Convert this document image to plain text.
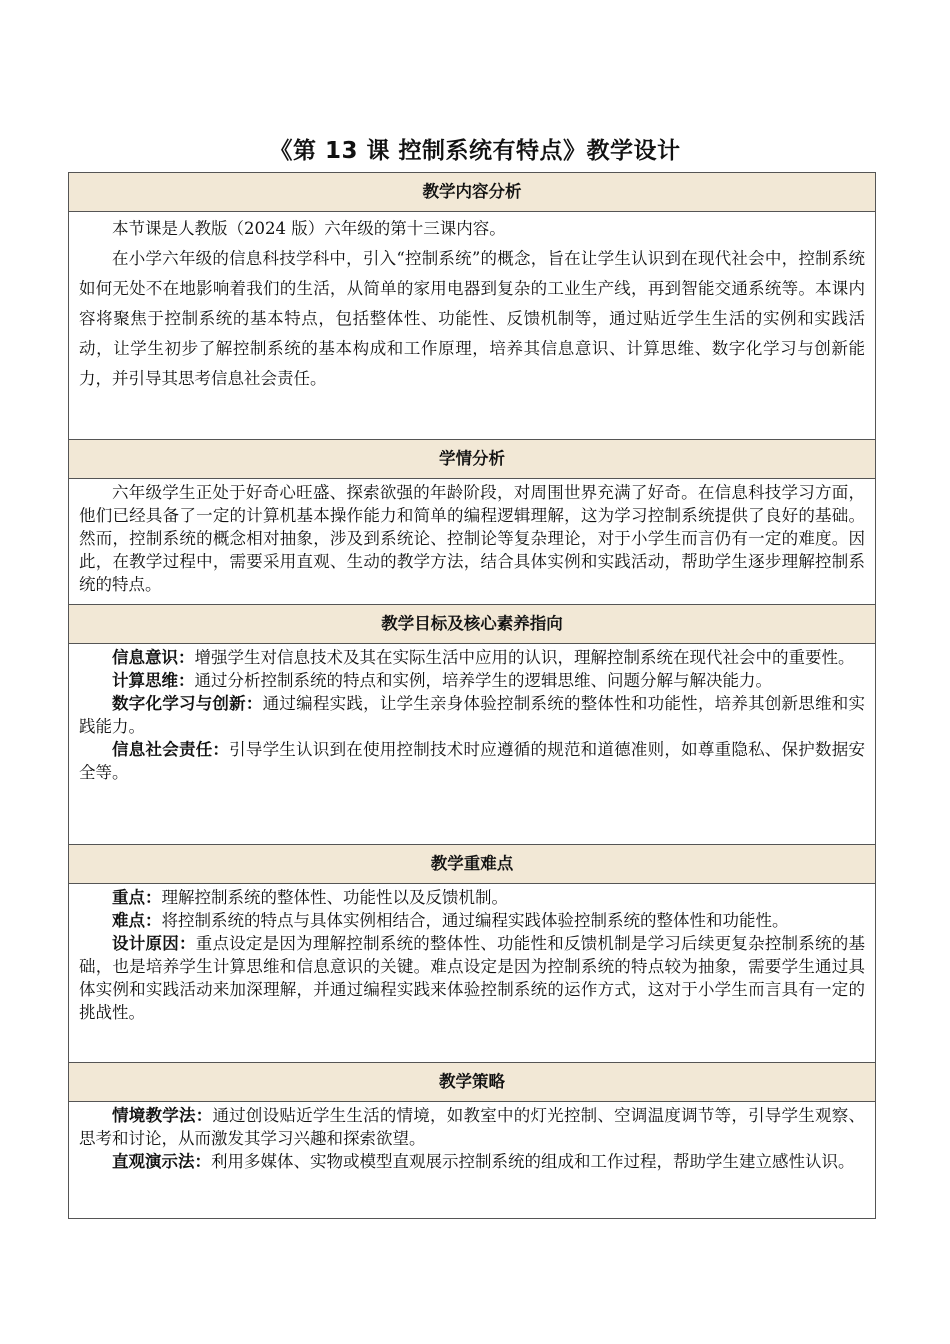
《第 13 课 控制系统有特点》教学设计
教学内容分析

本节课是人教版（2024 版）六年级的第十三课内容。

在小学六年级的信息科技学科中，引入“控制系统”的概念，旨在让学生认识到在现代社会中，控制系统如何无处不在地影响着我们的生活，从简单的家用电器到复杂的工业生产线，再到智能交通系统等。本课内容将聚焦于控制系统的基本特点，包括整体性、功能性、反馈机制等，通过贴近学生生活的实例和实践活动，让学生初步了解控制系统的基本构成和工作原理，培养其信息意识、计算思维、数字化学习与创新能力，并引导其思考信息社会责任。

学情分析

六年级学生正处于好奇心旺盛、探索欲强的年龄阶段，对周围世界充满了好奇。在信息科技学习方面，他们已经具备了一定的计算机基本操作能力和简单的编程逻辑理解，这为学习控制系统提供了良好的基础。然而，控制系统的概念相对抽象，涉及到系统论、控制论等复杂理论，对于小学生而言仍有一定的难度。因此，在教学过程中，需要采用直观、生动的教学方法，结合具体实例和实践活动，帮助学生逐步理解控制系统的特点。

教学目标及核心素养指向

信息意识：增强学生对信息技术及其在实际生活中应用的认识，理解控制系统在现代社会中的重要性。

计算思维：通过分析控制系统的特点和实例，培养学生的逻辑思维、问题分解与解决能力。

数字化学习与创新：通过编程实践，让学生亲身体验控制系统的整体性和功能性，培养其创新思维和实践能力。

信息社会责任：引导学生认识到在使用控制技术时应遵循的规范和道德准则，如尊重隐私、保护数据安全等。

教学重难点

重点：理解控制系统的整体性、功能性以及反馈机制。

难点：将控制系统的特点与具体实例相结合，通过编程实践体验控制系统的整体性和功能性。

设计原因：重点设定是因为理解控制系统的整体性、功能性和反馈机制是学习后续更复杂控制系统的基础，也是培养学生计算思维和信息意识的关键。难点设定是因为控制系统的特点较为抽象，需要学生通过具体实例和实践活动来加深理解，并通过编程实践来体验控制系统的运作方式，这对于小学生而言具有一定的挑战性。

教学策略

情境教学法：通过创设贴近学生生活的情境，如教室中的灯光控制、空调温度调节等，引导学生观察、思考和讨论，从而激发其学习兴趣和探索欲望。

直观演示法：利用多媒体、实物或模型直观展示控制系统的组成和工作过程，帮助学生建立感性认识。
